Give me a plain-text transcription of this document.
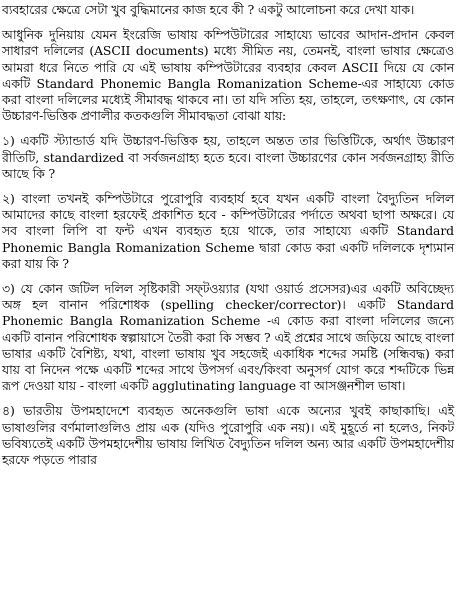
ব্যবহারের ক্ষেত্রে সেটা খুব বুদ্ধিমানের কাজ হবে কী ? একটু আলোচনা করে দেখা যাক।

আধুনিক দুনিয়ায় যেমন ইংরেজি ভাষায় কম্পিউটারের সাহায্যে ভাবের আদান-প্রদান কেবল সাধারণ দলিলের (ASCII documents) মধ্যে সীমিত নয়, তেমনই, বাংলা ভাষার ক্ষেত্রেও আমরা ধরে নিতে পারি যে এই ভাষায় কম্পিউটারের ব্যবহার কেবল ASCII দিয়ে যে কোন একটি Standard Phonemic Bangla Romanization Scheme-এর সাহায্যে কোড করা বাংলা দলিলের মধ্যেই সীমাবদ্ধ থাকবে না। তা যদি সত্যি হয়, তাহলে, তৎক্ষণাৎ, যে কোন উচ্চারণ-ভিত্তিক প্রণালীর কতকগুলি সীমাবদ্ধতা বোঝা যায়:

১) একটি স্ট্যান্ডার্ড যদি উচ্চারণ-ভিত্তিক হয়, তাহলে অন্তত তার ভিত্তিটিকে, অর্থাৎ উচ্চারণ রীতিটি, standardized বা সর্বজনগ্রাহ্য হতে হবে। বাংলা উচ্চারণের কোন সর্বজনগ্রাহ্য রীতি আছে কি ?

২) বাংলা তখনই কম্পিউটারে পুরোপুরি ব্যবহার্য হবে যখন একটি বাংলা বৈদ্যুতিন দলিল আমাদের কাছে বাংলা হরফেই প্রকাশিত হবে - কম্পিউটারের পর্দাতে অথবা ছাপা অক্ষরে। যে সব বাংলা লিপি বা ফন্ট এখন ব্যবহৃত হয়ে থাকে, তার সাহায্যে একটি Standard Phonemic Bangla Romanization Scheme দ্বারা কোড করা একটি দলিলকে দৃশ্যমান করা যায় কি ?

৩) যে কোন জটিল দলিল সৃষ্টিকারী সফ্‌টওয়্যার (যথা ওয়ার্ড প্রসেসর)এর একটি অবিচ্ছেদ্য অঙ্গ হল বানান পরিশোধক (spelling checker/corrector)। একটি Standard Phonemic Bangla Romanization Scheme -এ কোড করা বাংলা দলিলের জন্যে একটি বানান পরিশোধক স্বল্পায়াসে তৈরী করা কি সম্ভব ? এই প্রশ্নের সাথে জড়িয়ে আছে বাংলা ভাষার একটি বৈশিষ্ট্য, যথা, বাংলা ভাষায় খুব সহজেই একাধিক শব্দের সমষ্টি (সন্ধিবদ্ধ) করা যায় বা নিদেন পক্ষে একটি শব্দের সাথে উপসর্গ এবং/কিংবা অনুসর্গ যোগ করে শব্দটিকে ভিন্ন রূপ দেওয়া যায় - বাংলা একটি agglutinating language বা আসঞ্জনশীল ভাষা।

৪) ভারতীয় উপমহাদেশে ব্যবহৃত অনেকগুলি ভাষা একে অন্যের খুবই কাছাকাছি। এই ভাষাগুলির বর্ণমালাগুলিও প্রায় এক (যদিও পুরোপুরি এক নয়)। এই মুহূর্তে না হলেও, নিকট ভবিষ্যতেই একটি উপমহাদেশীয় ভাষায় লিখিত বৈদ্যুতিন দলিল অন্য আর একটি উপমহাদেশীয় হরফে পড়তে পারার
